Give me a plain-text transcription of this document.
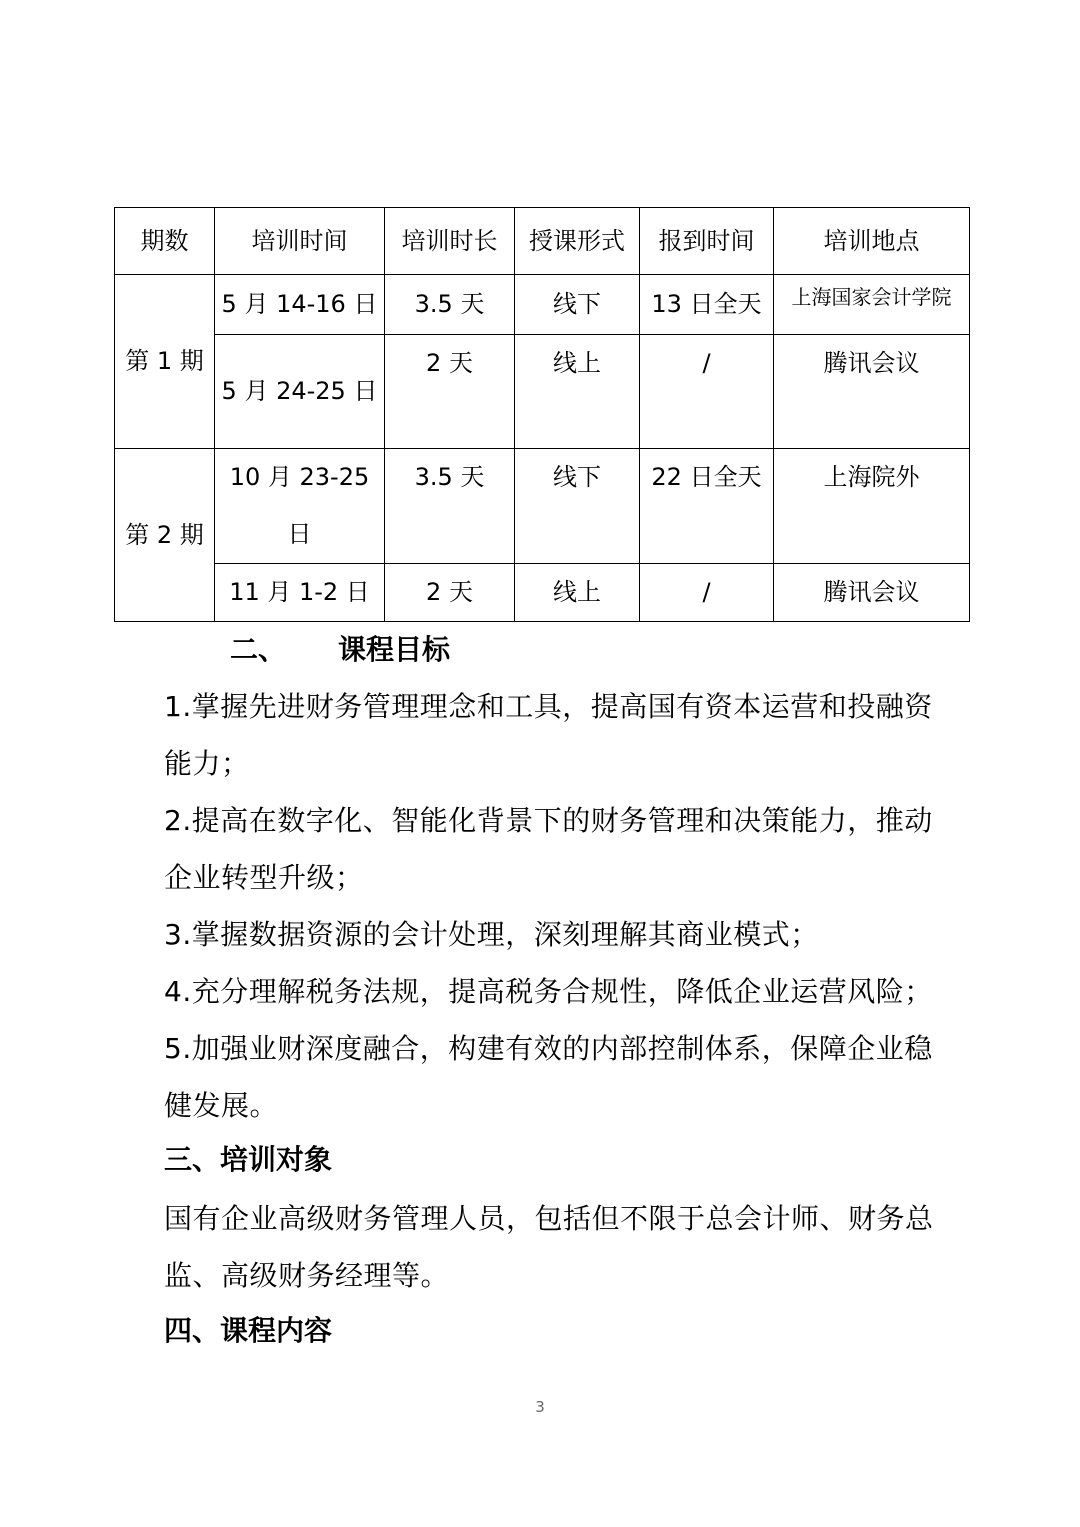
期数	培训时间	培训时长	授课形式	报到时间	培训地点
第 1 期	5 月 14-16 日	3.5 天	线下	13 日全天	上海国家会计学院
	5 月 24-25 日	2 天	线上	/	腾讯会议
第 2 期	10 月 23-25 日	3.5 天	线下	22 日全天	上海院外
	11 月 1-2 日	2 天	线上	/	腾讯会议
二、 课程目标

1.掌握先进财务管理理念和工具，提高国有资本运营和投融资能力；

2.提高在数字化、智能化背景下的财务管理和决策能力，推动企业转型升级；

3.掌握数据资源的会计处理，深刻理解其商业模式；

4.充分理解税务法规，提高税务合规性，降低企业运营风险；

5.加强业财深度融合，构建有效的内部控制体系，保障企业稳健发展。

三、培训对象

国有企业高级财务管理人员，包括但不限于总会计师、财务总监、高级财务经理等。

四、课程内容
3
